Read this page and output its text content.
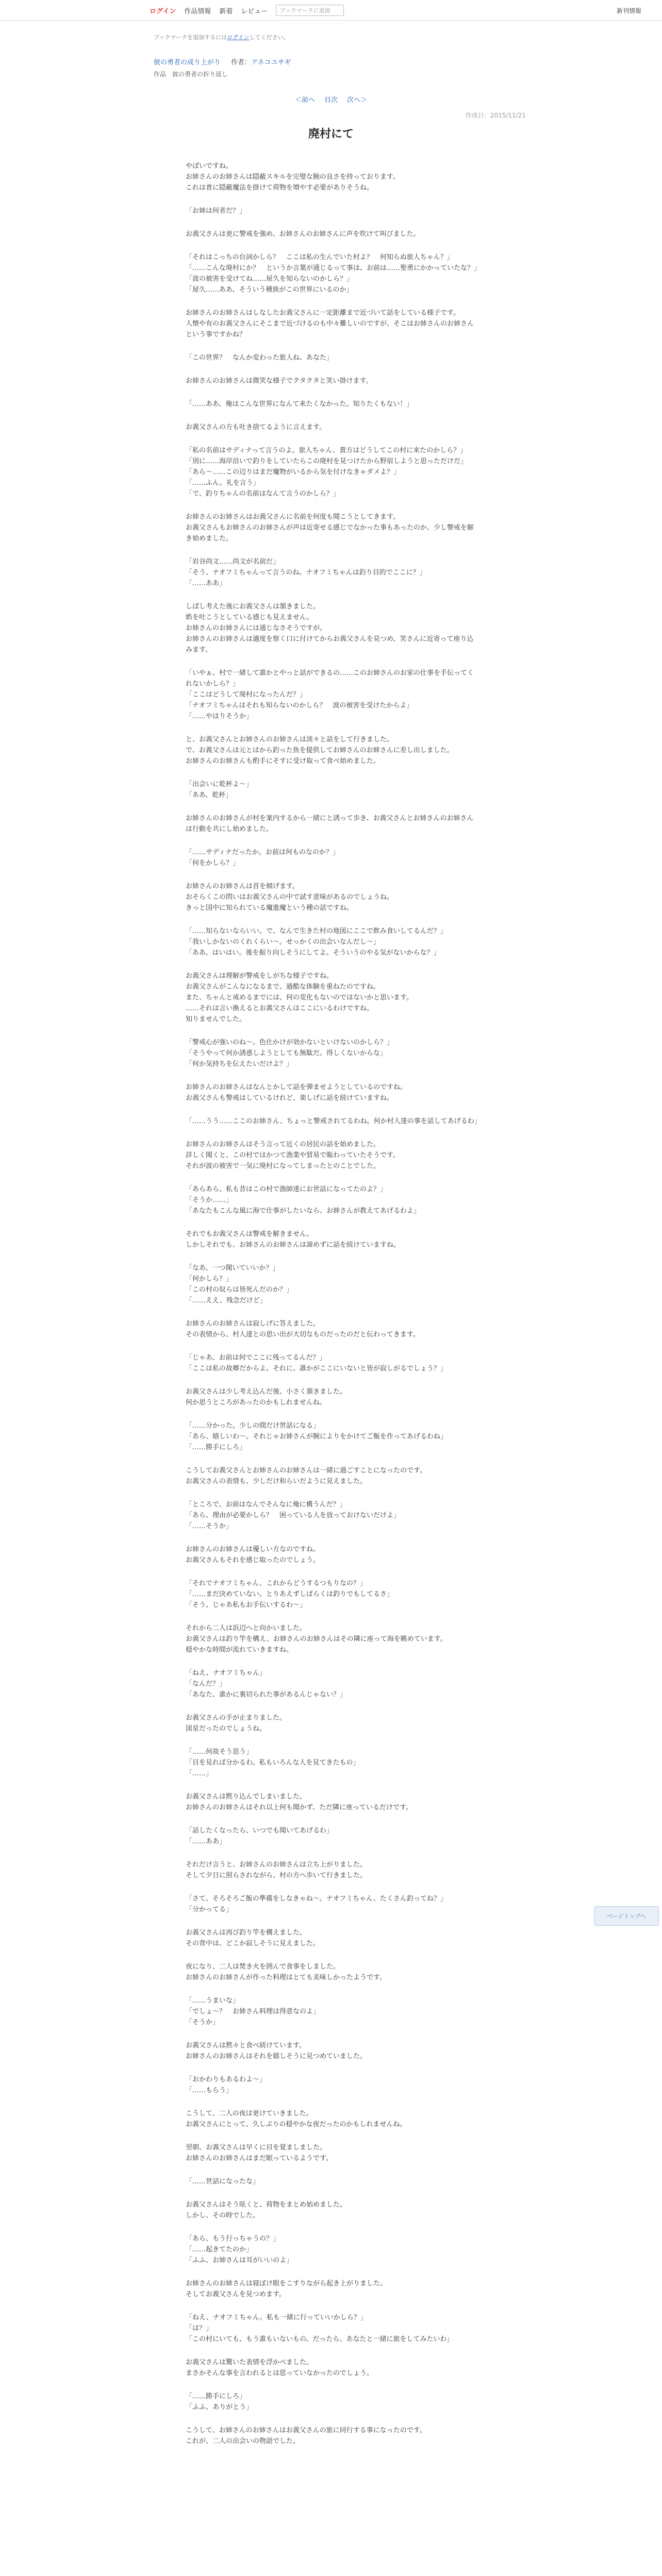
ログイン 作品情報 新着 レビュー	ブックマークに追加	新刊情報
ブックマークを追加するにはログインしてください。
彼の勇者の成り上がり 作者：アネコユサギ
作品　彼の勇者の折り返し
＜前へ 目次 次へ＞
作成日：2015/11/21
廃村にて
やばいですね。
お姉さんのお姉さんは隠蔽スキルを完璧な腕の良さを持っております。
これは普に隠蔽魔法を掛けて荷物を増やす必要がありそうね。
「お姉は何者だ？」
お義父さんは更に警戒を強め、お姉さんのお姉さんに声を吹けて叫びました。
「それはこっちの台詞かしら？　ここは私の生んでいた村よ？　何知らぬ旅人ちゃん？」
「……こんな廃村にか？　というか言葉が通じるって事は、お前は……聖勇にかかっていたな？」
「波の被害を受けてね……屋久を知らないのかしら？」
「屋久……ああ、そういう種族がこの世界にいるのか」
お姉さんのお姉さんはしなしたお義父さんに一定距離まで近づいて話をしている様子です。
人懐や有のお義父さんにそこまで近づけるのも中々難しいのですが、そこはお姉さんのお姉さんという事ですかね？
「この世界？　なんか変わった旅人ね、あなた」
お姉さんのお姉さんは微笑な様子でクタクタと笑い掛けます。
「……ああ、俺はこんな世界になんて来たくなかった。知りたくもない！」
お義父さんの方も吐き捨てるように言えます。
「私の名前はサディナって言うのよ。旅人ちゃん、貴方はどうしてこの村に来たのかしら？」
「別に……海岸沿いで釣りをしていたらこの廃村を見つけたから野宿しようと思っただけだ」
「あら～……この辺りはまだ魔物がいるから気を付けなきゃダメよ？」
「……ふん。礼を言う」
「で、釣りちゃんの名前はなんて言うのかしら？」
お姉さんのお姉さんはお義父さんに名前を何度も聞こうとしてきます。
お義父さんもお姉さんのお姉さんが声は近寄せる感じでなかった事もあったのか、少し警戒を解き始めました。
「岩谷尚文……尚文が名前だ」
「そう、ナオフミちゃんって言うのね。ナオフミちゃんは釣り目的でここに？」
「……ああ」
しばし考えた後にお義父さんは頷きました。
娯を吐こうとしている感じも見えません。
お姉さんのお姉さんには通じなさそうですが。
お姉さんのお姉さんは適度を察く口に付けてからお義父さんを見つめ、笑さんに近寄って座り込みます。
「いやぁ、村で一緒して誰かとやっと話ができるの……このお姉さんのお家の仕事を手伝ってくれないかしら？」
「ここはどうして廃村になったんだ？」
「ナオフミちゃんはそれも知らないのかしら？　波の被害を受けたからよ」
「……やはりそうか」
と、お義父さんとお姉さんのお姉さんは淡々と話をして行きました。
で、お義父さんは元とはから釣った魚を提供してお姉さんのお姉さんに差し出しました。
お姉さんのお姉さんも酌手にそすに受け取って食べ始めました。
「出会いに乾杯よ～」
「ああ、乾杯」
お姉さんのお姉さんが村を案内するから一緒にと誘って歩き、お義父さんとお姉さんのお姉さんは行動を共にし始めました。
「……サディナだったか。お前は何ものなのか？」
「何をかしら？」
お姉さんのお姉さんは首を傾げます。
おそらくこの問いはお義父さんの中で試す意味があるのでしょうね。
きっと国中に知られている魔進魔という種の話ですね。
「……知らないならいい。で、なんで生きた村の地図にここで飲み食いしてるんだ？」
「我いしかないのくれくらい～。せっかくの出会いなんだし～」
「ああ、はいはい。後を振り向しそうにしてよ。そういうのやる気がないからな？」
お義父さんは理解が警戒をしがちな様子ですね。
お義父さんがこんなになるまで、過酷な体験を重ねたのですね。
また、ちゃんと戒めるまでには、何の変化もないのではないかと思います。
……それは言い換えるとお義父さんはここにいるわけですね。
知りませんでした。
「警戒心が強いのね～。色仕かけが効かないといけないのかしら？」
「そうやって何か誘惑しようとしても無駄だ。得しくないからな」
「何か気持ちを伝えたいだけよ？」
お姉さんのお姉さんはなんとかして話を弾ませようとしているのですね。
お義父さんも警戒はしているけれど、楽しげに話を続けていますね。
「……うう……ここのお姉さん、ちょっと警戒されてるわね。何か村人達の事を話してあげるわ」
お姉さんのお姉さんはそう言って近くの居民の話を始めました。
詳しく聞くと、この村ではかつて漁業や貿易で賑わっていたそうです。
それが波の被害で一気に廃村になってしまったとのことでした。
「あらあら、私も昔はこの村で漁師達にお世話になってたのよ？」
「そうか……」
「あなたもこんな風に海で仕事がしたいなら、お姉さんが教えてあげるわよ」
それでもお義父さんは警戒を解きません。
しかしそれでも、お姉さんのお姉さんは諦めずに話を続けていますね。
「なあ、一つ聞いていいか？」
「何かしら？」
「この村の奴らは皆死んだのか？」
「……ええ、残念だけど」
お姉さんのお姉さんは寂しげに答えました。
その表情から、村人達との思い出が大切なものだったのだと伝わってきます。
「じゃあ、お前は何でここに残ってるんだ？」
「ここは私の故郷だからよ。それに、誰かがここにいないと皆が寂しがるでしょう？」
お義父さんは少し考え込んだ後、小さく頷きました。
何か思うところがあったのかもしれませんね。
「……分かった。少しの間だけ世話になる」
「あら、嬉しいわ～。それじゃお姉さんが腕によりをかけてご飯を作ってあげるわね」
「……勝手にしろ」
こうしてお義父さんとお姉さんのお姉さんは一緒に過ごすことになったのです。
お義父さんの表情も、少しだけ和らいだように見えました。
「ところで、お前はなんでそんなに俺に構うんだ？」
「あら、理由が必要かしら？　困っている人を放っておけないだけよ」
「……そうか」
お姉さんのお姉さんは優しい方なのですね。
お義父さんもそれを感じ取ったのでしょう。
「それでナオフミちゃん、これからどうするつもりなの？」
「……まだ決めていない。とりあえずしばらくは釣りでもしてるさ」
「そう。じゃあ私もお手伝いするわ～」
それから二人は浜辺へと向かいました。
お義父さんは釣り竿を構え、お姉さんのお姉さんはその隣に座って海を眺めています。
穏やかな時間が流れていきますね。
「ねえ、ナオフミちゃん」
「なんだ？」
「あなた、誰かに裏切られた事があるんじゃない？」
お義父さんの手が止まりました。
図星だったのでしょうね。
「……何故そう思う」
「目を見れば分かるわ。私もいろんな人を見てきたもの」
「……」
お義父さんは黙り込んでしまいました。
お姉さんのお姉さんはそれ以上何も聞かず、ただ隣に座っているだけです。
「話したくなったら、いつでも聞いてあげるわ」
「……ああ」
それだけ言うと、お姉さんのお姉さんは立ち上がりました。
そして夕日に照らされながら、村の方へ歩いて行きました。
「さて、そろそろご飯の準備をしなきゃね～。ナオフミちゃん、たくさん釣ってね？」
「分かってる」
お義父さんは再び釣り竿を構えました。
その背中は、どこか寂しそうに見えました。
夜になり、二人は焚き火を囲んで食事をしました。
お姉さんのお姉さんが作った料理はとても美味しかったようです。
「……うまいな」
「でしょ～？　お姉さん料理は得意なのよ」
「そうか」
お義父さんは黙々と食べ続けています。
お姉さんのお姉さんはそれを嬉しそうに見つめていました。
「おかわりもあるわよ～」
「……もらう」
こうして、二人の夜は更けていきました。
お義父さんにとって、久しぶりの穏やかな夜だったのかもしれませんね。
翌朝、お義父さんは早くに目を覚ましました。
お姉さんのお姉さんはまだ眠っているようです。
「……世話になったな」
お義父さんはそう呟くと、荷物をまとめ始めました。
しかし、その時でした。
「あら、もう行っちゃうの？」
「……起きてたのか」
「ふふ、お姉さんは耳がいいのよ」
お姉さんのお姉さんは寝ぼけ眼をこすりながら起き上がりました。
そしてお義父さんを見つめます。
「ねえ、ナオフミちゃん。私も一緒に行っていいかしら？」
「は？」
「この村にいても、もう誰もいないもの。だったら、あなたと一緒に旅をしてみたいわ」
お義父さんは驚いた表情を浮かべました。
まさかそんな事を言われるとは思っていなかったのでしょう。
「……勝手にしろ」
「ふふ、ありがとう」
こうして、お姉さんのお姉さんはお義父さんの旅に同行する事になったのです。
これが、二人の出会いの物語でした。
ページトップへ
